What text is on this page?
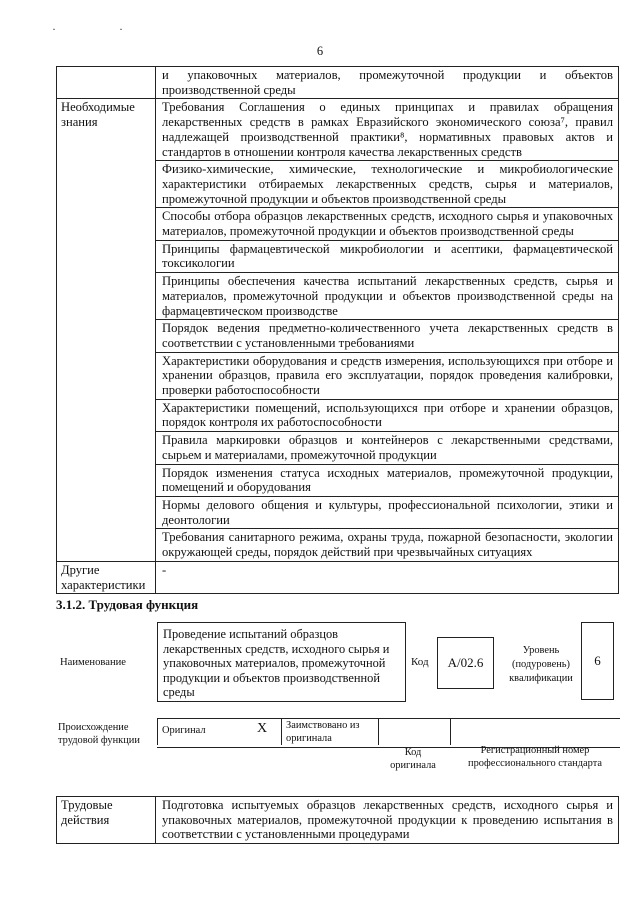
· ·
6
	и упаковочных материалов, промежуточной продукции и объектов производственной среды
Необходимые знания	Требования Соглашения о единых принципах и правилах обращения лекарственных средств в рамках Евразийского экономического союза⁷, правил надлежащей производственной практики⁸, нормативных правовых актов и стандартов в отношении контроля качества лекарственных средств
	Физико-химические, химические, технологические и микробиологические характеристики отбираемых лекарственных средств, сырья и материалов, промежуточной продукции и объектов производственной среды
	Способы отбора образцов лекарственных средств, исходного сырья и упаковочных материалов, промежуточной продукции и объектов производственной среды
	Принципы фармацевтической микробиологии и асептики, фармацевтической токсикологии
	Принципы обеспечения качества испытаний лекарственных средств, сырья и материалов, промежуточной продукции и объектов производственной среды на фармацевтическом производстве
	Порядок ведения предметно-количественного учета лекарственных средств в соответствии с установленными требованиями
	Характеристики оборудования и средств измерения, использующихся при отборе и хранении образцов, правила его эксплуатации, порядок проведения калибровки, проверки работоспособности
	Характеристики помещений, использующихся при отборе и хранении образцов, порядок контроля их работоспособности
	Правила маркировки образцов и контейнеров с лекарственными средствами, сырьем и материалами, промежуточной продукции
	Порядок изменения статуса исходных материалов, промежуточной продукции, помещений и оборудования
	Нормы делового общения и культуры, профессиональной психологии, этики и деонтологии
	Требования санитарного режима, охраны труда, пожарной безопасности, экологии окружающей среды, порядок действий при чрезвычайных ситуациях
Другие характеристики	-
3.1.2. Трудовая функция
Наименование
Проведение испытаний образцов лекарственных средств, исходного сырья и упаковочных материалов, промежуточной продукции и объектов производственной среды
Код	А/02.6
Уровень (подуровень) квалификации
6
Происхождение трудовой функции
Оригинал	X	Заимствовано из оригинала
Код оригинала
Регистрационный номер профессионального стандарта
Трудовые действия	Подготовка испытуемых образцов лекарственных средств, исходного сырья и упаковочных материалов, промежуточной продукции к проведению испытания в соответствии с установленными процедурами
